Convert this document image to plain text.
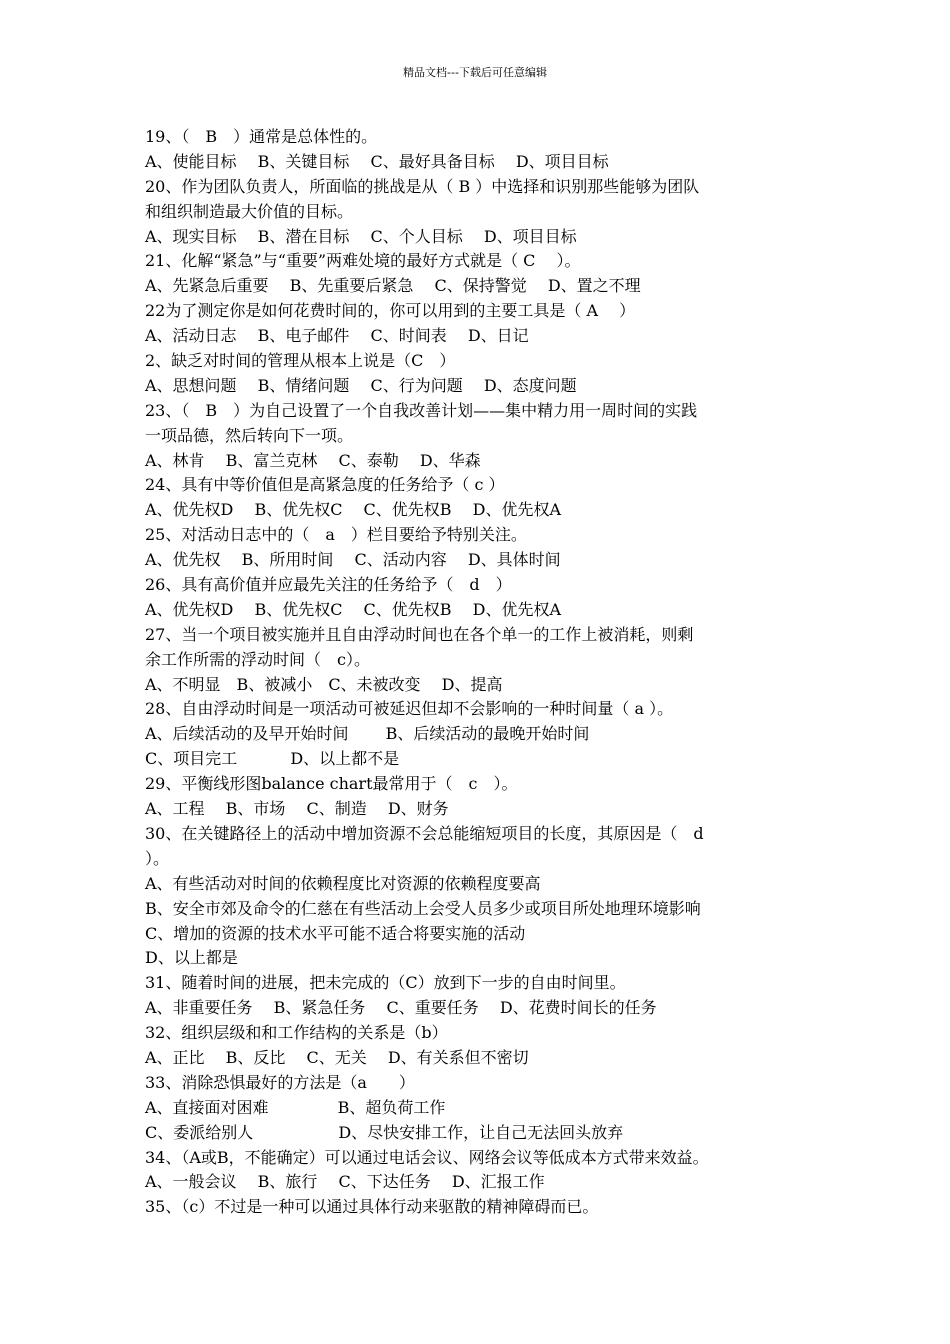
精品文档---下载后可任意编辑
19、（　B　）通常是总体性的。
A、使能目标　 B、关键目标　 C、最好具备目标　 D、项目目标
20、作为团队负责人，所面临的挑战是从（ B ）中选择和识别那些能够为团队
和组织制造最大价值的目标。
A、现实目标　 B、潜在目标　 C、个人目标　 D、项目目标
21、化解“紧急”与“重要”两难处境的最好方式就是（ C　 ）。
A、先紧急后重要　 B、先重要后紧急　 C、保持警觉　 D、置之不理
22为了测定你是如何花费时间的，你可以用到的主要工具是（ A　 ）
A、活动日志　 B、电子邮件　 C、时间表　 D、日记
2、缺乏对时间的管理从根本上说是（C　）
A、思想问题　 B、情绪问题　 C、行为问题　 D、态度问题
23、（　B　）为自己设置了一个自我改善计划——集中精力用一周时间的实践
一项品德，然后转向下一项。
A、林肯　 B、富兰克林　 C、泰勒　 D、华森
24、具有中等价值但是高紧急度的任务给予（ c ）
A、优先权D　 B、优先权C　 C、优先权B　 D、优先权A
25、对活动日志中的（　a　）栏目要给予特别关注。
A、优先权　 B、所用时间　 C、活动内容　 D、具体时间
26、具有高价值并应最先关注的任务给予（　d　）
A、优先权D　 B、优先权C　 C、优先权B　 D、优先权A
27、当一个项目被实施并且自由浮动时间也在各个单一的工作上被消耗，则剩
余工作所需的浮动时间（　c）。
A、不明显　B、被减小　C、未被改变　 D、提高
28、自由浮动时间是一项活动可被延迟但却不会影响的一种时间量（ a ）。
A、后续活动的及早开始时间　　 B、后续活动的最晚开始时间
C、项目完工　　　 D、以上都不是
29、平衡线形图balance chart最常用于（　c　）。
A、工程　 B、市场　 C、制造　 D、财务
30、在关键路径上的活动中增加资源不会总能缩短项目的长度，其原因是（　d
）。
A、有些活动对时间的依赖程度比对资源的依赖程度要高
B、安全市郊及命令的仁慈在有些活动上会受人员多少或项目所处地理环境影响
C、增加的资源的技术水平可能不适合将要实施的活动
D、以上都是
31、随着时间的进展，把未完成的（C）放到下一步的自由时间里。
A、非重要任务　 B、紧急任务　 C、重要任务　 D、花费时间长的任务
32、组织层级和和工作结构的关系是（b）
A、正比　 B、反比　 C、无关　 D、有关系但不密切
33、消除恐惧最好的方法是（a　　）
A、直接面对困难　　　　 B、超负荷工作
C、委派给别人　　　　　 D、尽快安排工作，让自己无法回头放弃
34、（A或B，不能确定）可以通过电话会议、网络会议等低成本方式带来效益。
A、一般会议　 B、旅行　 C、下达任务　 D、汇报工作
35、（c）不过是一种可以通过具体行动来驱散的精神障碍而已。
